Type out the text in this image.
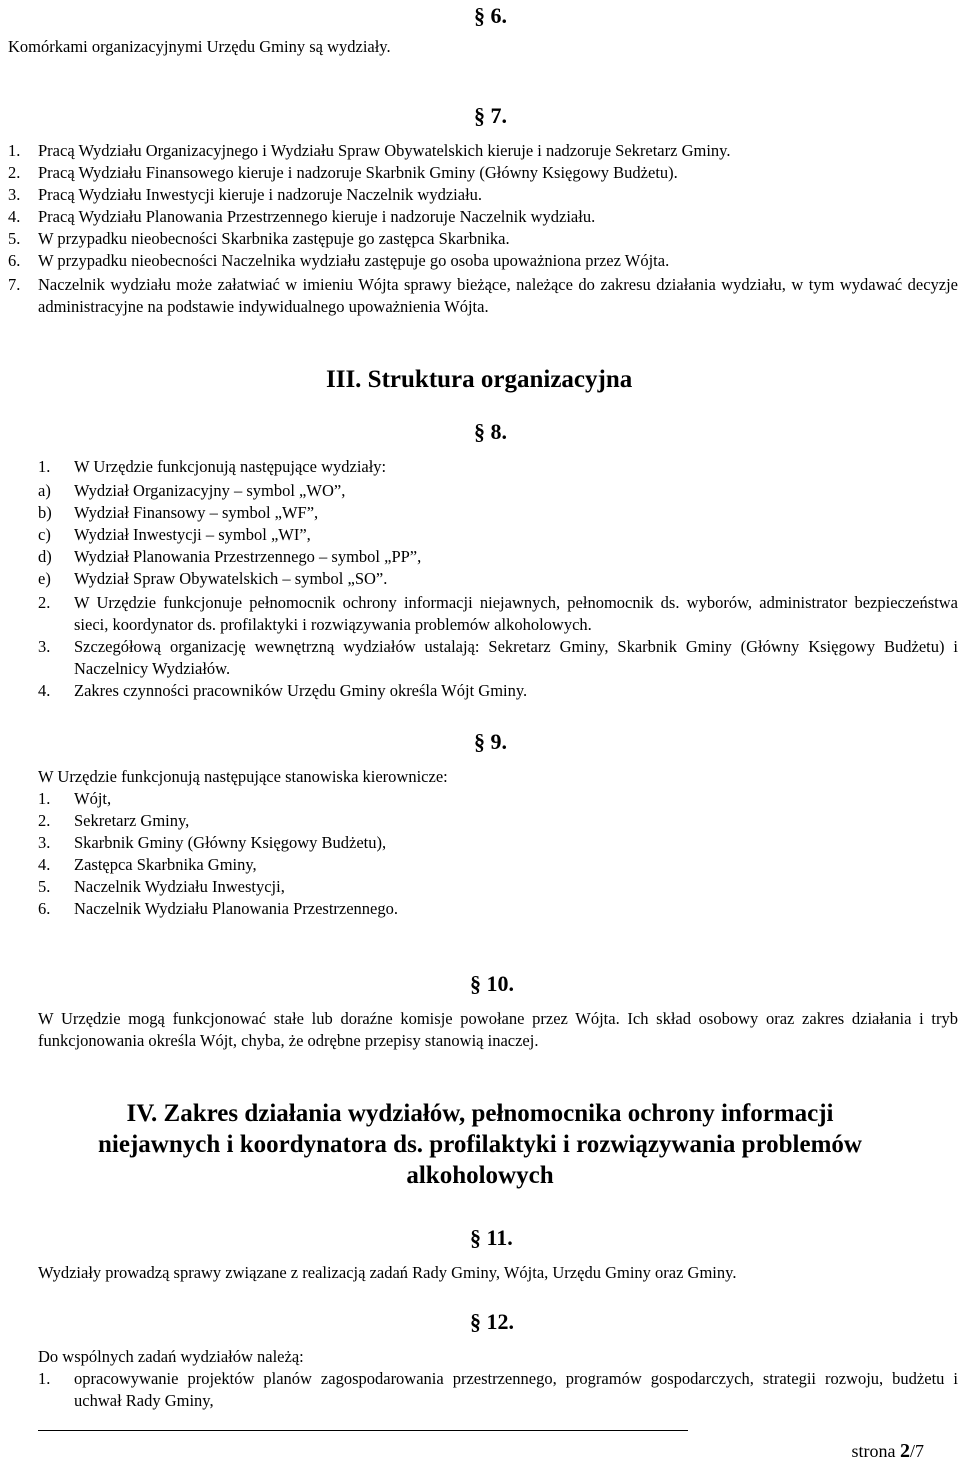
Komórkami organizacyjnymi Urzędu Gminy są wydziały.
§ 6.
§ 7.
1. Pracą Wydziału Organizacyjnego i Wydziału Spraw Obywatelskich kieruje i nadzoruje Sekretarz Gminy.
2. Pracą Wydziału Finansowego kieruje i nadzoruje Skarbnik Gminy (Główny Księgowy Budżetu).
3. Pracą Wydziału Inwestycji kieruje i nadzoruje Naczelnik wydziału.
4. Pracą Wydziału Planowania Przestrzennego kieruje i nadzoruje Naczelnik wydziału.
5. W przypadku nieobecności Skarbnika zastępuje go zastępca Skarbnika.
6. W przypadku nieobecności Naczelnika wydziału zastępuje go osoba upoważniona przez Wójta.
7. Naczelnik wydziału może załatwiać w imieniu Wójta sprawy bieżące, należące do zakresu działania wydziału, w tym wydawać decyzje administracyjne na podstawie indywidualnego upoważnienia Wójta.
III. Struktura organizacyjna
§ 8.
1. W Urzędzie funkcjonują następujące wydziały:
a) Wydział Organizacyjny – symbol „WO”,
b) Wydział Finansowy – symbol „WF”,
c) Wydział Inwestycji – symbol „WI”,
d) Wydział Planowania Przestrzennego – symbol „PP”,
e) Wydział Spraw Obywatelskich – symbol „SO”.
2. W Urzędzie funkcjonuje pełnomocnik ochrony informacji niejawnych, pełnomocnik ds. wyborów, administrator bezpieczeństwa sieci, koordynator ds. profilaktyki i rozwiązywania problemów alkoholowych.
3. Szczegółową organizację wewnętrzną wydziałów ustalają: Sekretarz Gminy, Skarbnik Gminy (Główny Księgowy Budżetu) i Naczelnicy Wydziałów.
4. Zakres czynności pracowników Urzędu Gminy określa Wójt Gminy.
§ 9.
W Urzędzie funkcjonują następujące stanowiska kierownicze:
1. Wójt,
2. Sekretarz Gminy,
3. Skarbnik Gminy (Główny Księgowy Budżetu),
4. Zastępca Skarbnika Gminy,
5. Naczelnik Wydziału Inwestycji,
6. Naczelnik Wydziału Planowania Przestrzennego.
§ 10.
W Urzędzie mogą funkcjonować stałe lub doraźne komisje powołane przez Wójta. Ich skład osobowy oraz zakres działania i tryb funkcjonowania określa Wójt, chyba, że odrębne przepisy stanowią inaczej.
IV. Zakres działania wydziałów, pełnomocnika ochrony informacji
niejawnych i koordynatora ds. profilaktyki i rozwiązywania problemów
alkoholowych
§ 11.
Wydziały prowadzą sprawy związane z realizacją zadań Rady Gminy, Wójta, Urzędu Gminy oraz Gminy.
§ 12.
Do wspólnych zadań wydziałów należą:
1. opracowywanie projektów planów zagospodarowania przestrzennego, programów gospodarczych, strategii rozwoju, budżetu i uchwał Rady Gminy,
strona 2/7
